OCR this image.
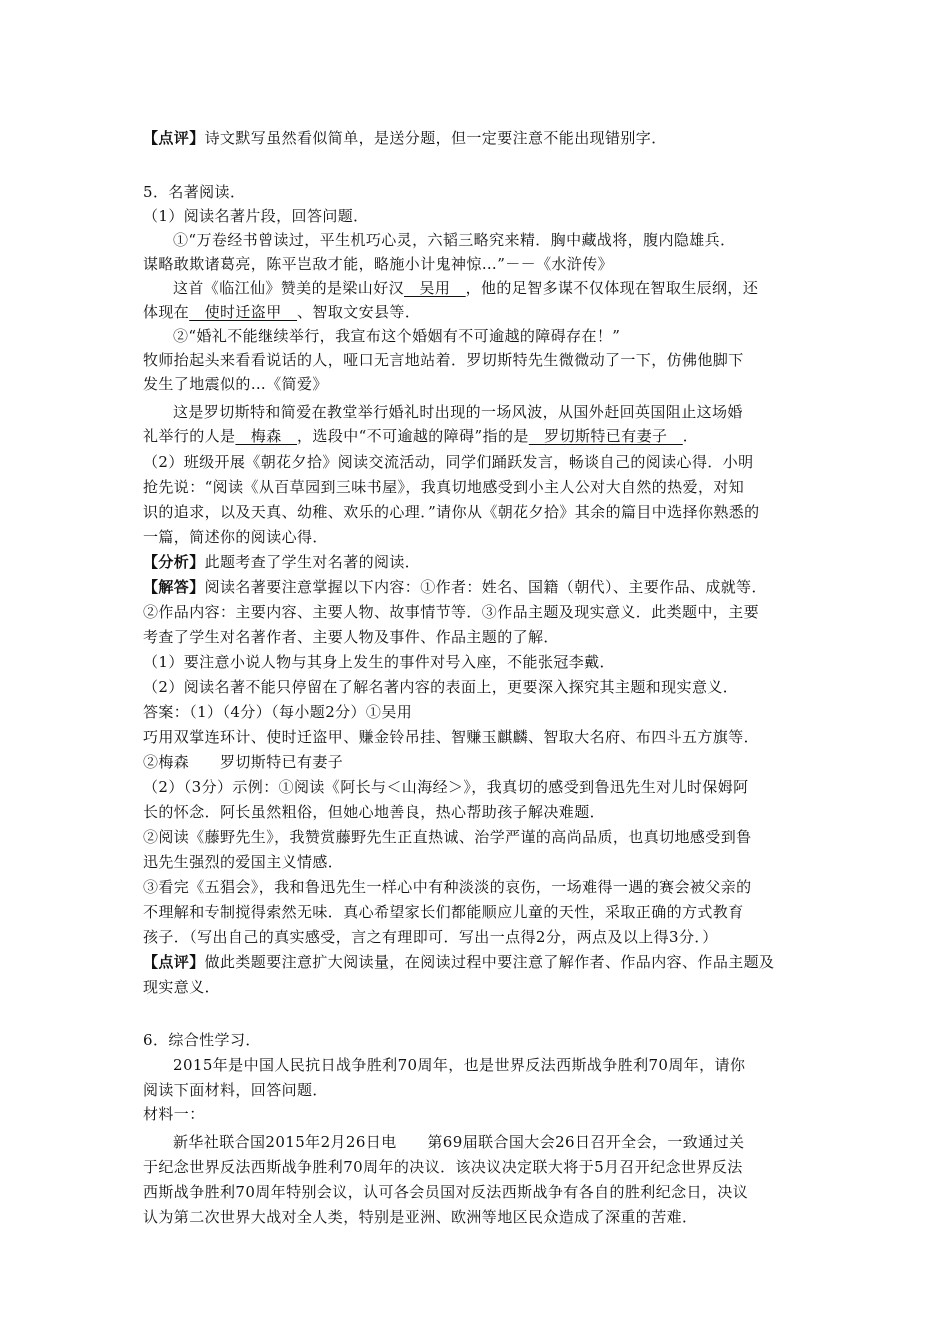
【点评】诗文默写虽然看似简单，是送分题，但一定要注意不能出现错别字．
5．名著阅读．
（1）阅读名著片段，回答问题．
①“万卷经书曾读过，平生机巧心灵，六韬三略究来精．胸中藏战将，腹内隐雄兵．
谋略敢欺诸葛亮，陈平岂敌才能，略施小计鬼神惊…”－－《水浒传》
这首《临江仙》赞美的是梁山好汉　吴用　，他的足智多谋不仅体现在智取生辰纲，还
体现在　使时迁盗甲　、智取文安县等．
②“婚礼不能继续举行，我宣布这个婚姻有不可逾越的障碍存在！”
牧师抬起头来看看说话的人，哑口无言地站着．罗切斯特先生微微动了一下，仿佛他脚下
发生了地震似的…《简爱》
这是罗切斯特和简爱在教堂举行婚礼时出现的一场风波，从国外赶回英国阻止这场婚
礼举行的人是　梅森　，选段中“不可逾越的障碍”指的是　罗切斯特已有妻子　．
（2）班级开展《朝花夕拾》阅读交流活动，同学们踊跃发言，畅谈自己的阅读心得．小明
抢先说：“阅读《从百草园到三味书屋》，我真切地感受到小主人公对大自然的热爱，对知
识的追求，以及天真、幼稚、欢乐的心理．”请你从《朝花夕拾》其余的篇目中选择你熟悉的
一篇，简述你的阅读心得．
【分析】此题考查了学生对名著的阅读．
【解答】阅读名著要注意掌握以下内容：①作者：姓名、国籍（朝代）、主要作品、成就等．
②作品内容：主要内容、主要人物、故事情节等．③作品主题及现实意义．此类题中，主要
考查了学生对名著作者、主要人物及事件、作品主题的了解．
（1）要注意小说人物与其身上发生的事件对号入座，不能张冠李戴．
（2）阅读名著不能只停留在了解名著内容的表面上，更要深入探究其主题和现实意义．
答案：（1）（4分）（每小题2分）①吴用
巧用双掌连环计、使时迁盗甲、赚金铃吊挂、智赚玉麒麟、智取大名府、布四斗五方旗等．
②梅森　　罗切斯特已有妻子
（2）（3分）示例：①阅读《阿长与＜山海经＞》，我真切的感受到鲁迅先生对儿时保姆阿
长的怀念．阿长虽然粗俗，但她心地善良，热心帮助孩子解决难题．
②阅读《藤野先生》，我赞赏藤野先生正直热诚、治学严谨的高尚品质，也真切地感受到鲁
迅先生强烈的爱国主义情感．
③看完《五猖会》，我和鲁迅先生一样心中有种淡淡的哀伤，一场难得一遇的赛会被父亲的
不理解和专制搅得索然无味．真心希望家长们都能顺应儿童的天性，采取正确的方式教育
孩子．（写出自己的真实感受，言之有理即可．写出一点得2分，两点及以上得3分．）
【点评】做此类题要注意扩大阅读量，在阅读过程中要注意了解作者、作品内容、作品主题及
现实意义．
6．综合性学习．
2015年是中国人民抗日战争胜利70周年，也是世界反法西斯战争胜利70周年，请你
阅读下面材料，回答问题．
材料一：
新华社联合国2015年2月26日电　　第69届联合国大会26日召开全会，一致通过关
于纪念世界反法西斯战争胜利70周年的决议．该决议决定联大将于5月召开纪念世界反法
西斯战争胜利70周年特别会议，认可各会员国对反法西斯战争有各自的胜利纪念日，决议
认为第二次世界大战对全人类，特别是亚洲、欧洲等地区民众造成了深重的苦难．
